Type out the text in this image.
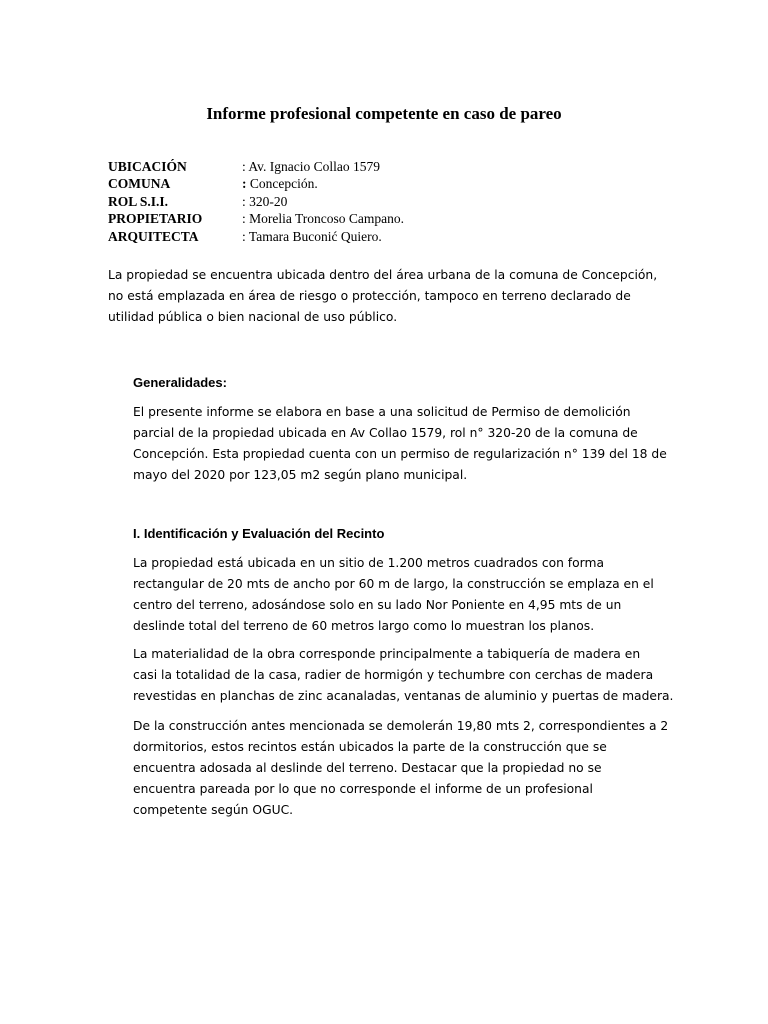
Informe profesional competente en caso de pareo
UBICACIÓN	: Av. Ignacio Collao 1579
COMUNA	: Concepción.
ROL S.I.I.	: 320-20
PROPIETARIO	: Morelia Troncoso Campano.
ARQUITECTA	: Tamara Buconić Quiero.
La propiedad se encuentra ubicada dentro del área urbana de la comuna de Concepción,
no está emplazada en área de riesgo o protección, tampoco en terreno declarado de
utilidad pública o bien nacional de uso público.
Generalidades:
El presente informe se elabora en base a una solicitud de Permiso de demolición
parcial de la propiedad ubicada en Av Collao 1579, rol n° 320-20 de la comuna de
Concepción. Esta propiedad cuenta con un permiso de regularización n° 139 del 18 de
mayo del 2020 por 123,05 m2 según plano municipal.
I. Identificación y Evaluación del Recinto
La propiedad está ubicada en un sitio de 1.200 metros cuadrados con forma
rectangular de 20 mts de ancho por 60 m de largo, la construcción se emplaza en el
centro del terreno, adosándose solo en su lado Nor Poniente en 4,95 mts de un
deslinde total del terreno de 60 metros largo como lo muestran los planos.
La materialidad de la obra corresponde principalmente a tabiquería de madera en
casi la totalidad de la casa, radier de hormigón y techumbre con cerchas de madera
revestidas en planchas de zinc acanaladas, ventanas de aluminio y puertas de madera.
De la construcción antes mencionada se demolerán 19,80 mts 2, correspondientes a 2
dormitorios, estos recintos están ubicados la parte de la construcción que se
encuentra adosada al deslinde del terreno. Destacar que la propiedad no se
encuentra pareada por lo que no corresponde el informe de un profesional
competente según OGUC.
